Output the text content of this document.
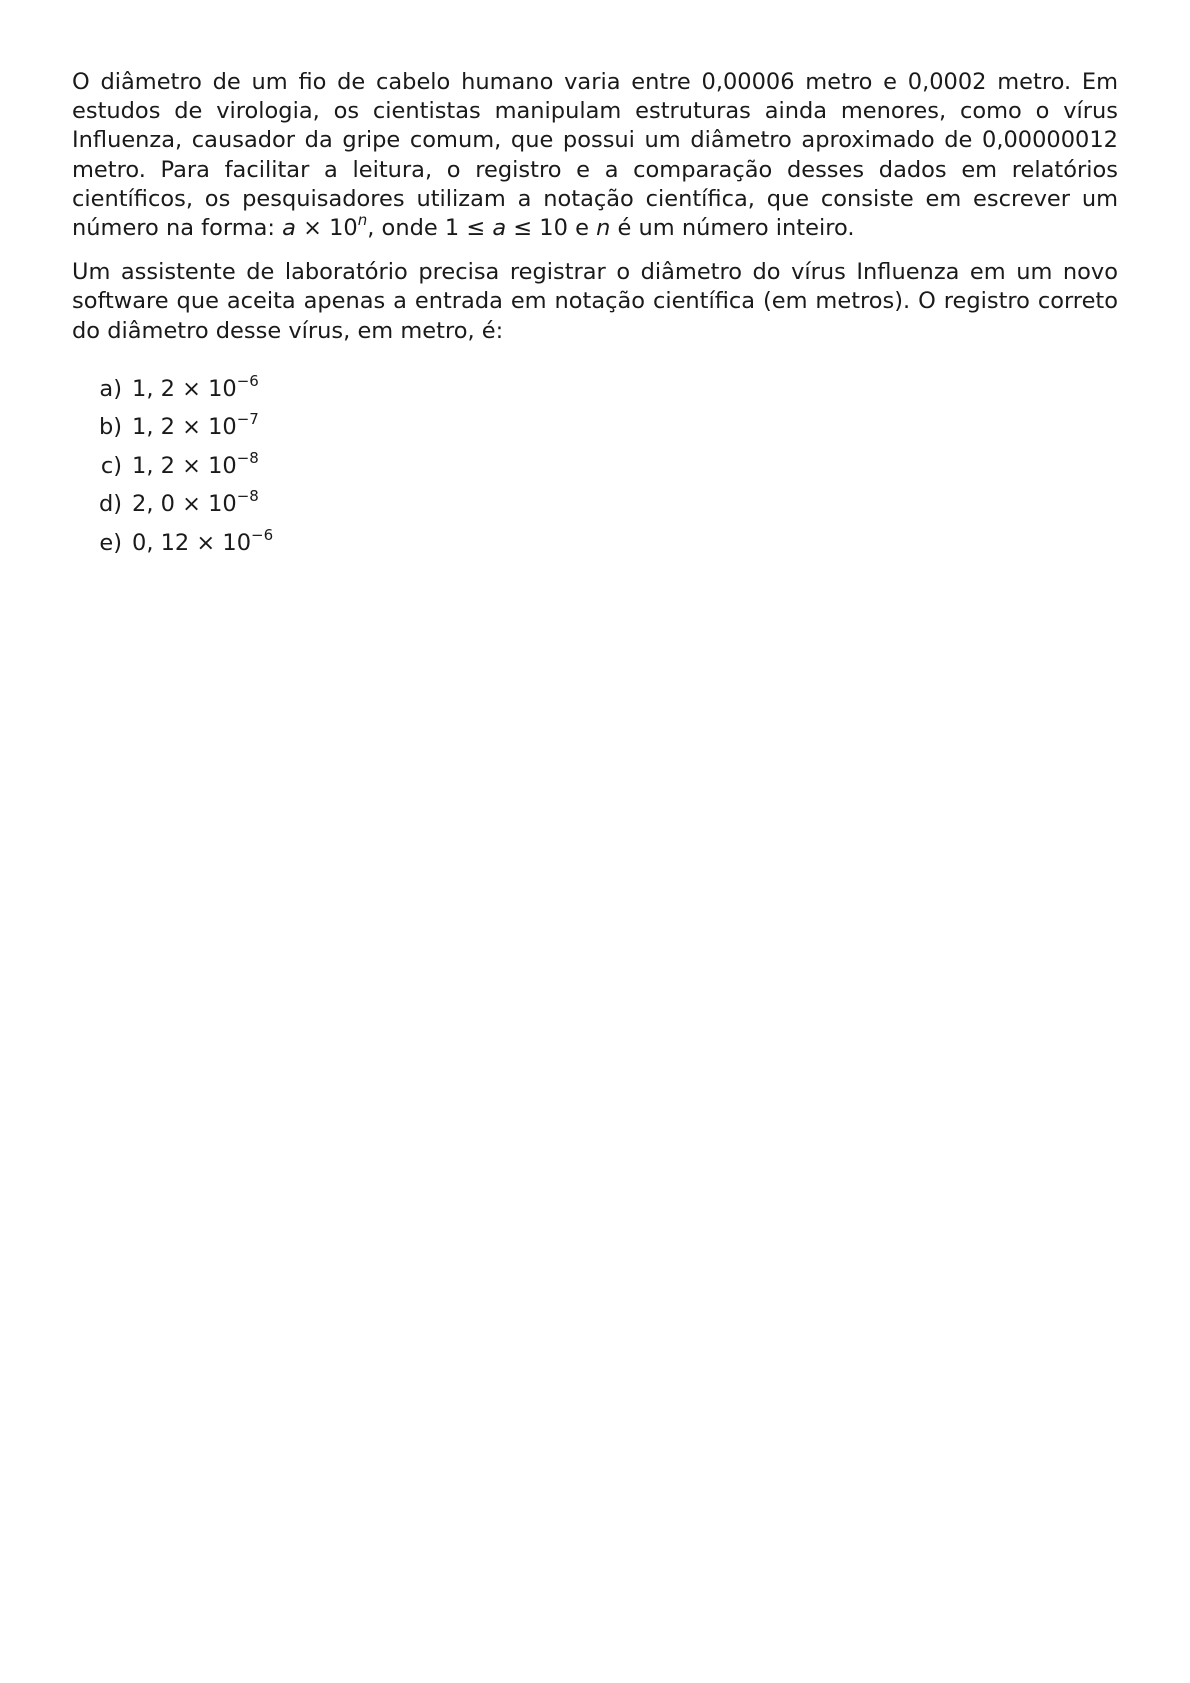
O diâmetro de um fio de cabelo humano varia entre 0,00006 metro e 0,0002 metro. Em estudos de virologia, os cientistas manipulam estruturas ainda menores, como o vírus Influenza, causador da gripe comum, que possui um diâmetro aproximado de 0,00000012 metro. Para facilitar a leitura, o registro e a comparação desses dados em relatórios científicos, os pesquisadores utilizam a notação científica, que consiste em escrever um número na forma: $a \times 10^n$, onde 1 ≤ a ≤ 10 e n é um número inteiro.

Um assistente de laboratório precisa registrar o diâmetro do vírus Influenza em um novo software que aceita apenas a entrada em notação científica (em metros). O registro correto do diâmetro desse vírus, em metro, é:

a) 1, $2 \times 10^{-6}$
b) 1, $2 \times 10^{-7}$
c) 1, $2 \times 10^{-8}$
d) 2, $0 \times 10^{-8}$
e) 0, $12 \times 10^{-6}$
